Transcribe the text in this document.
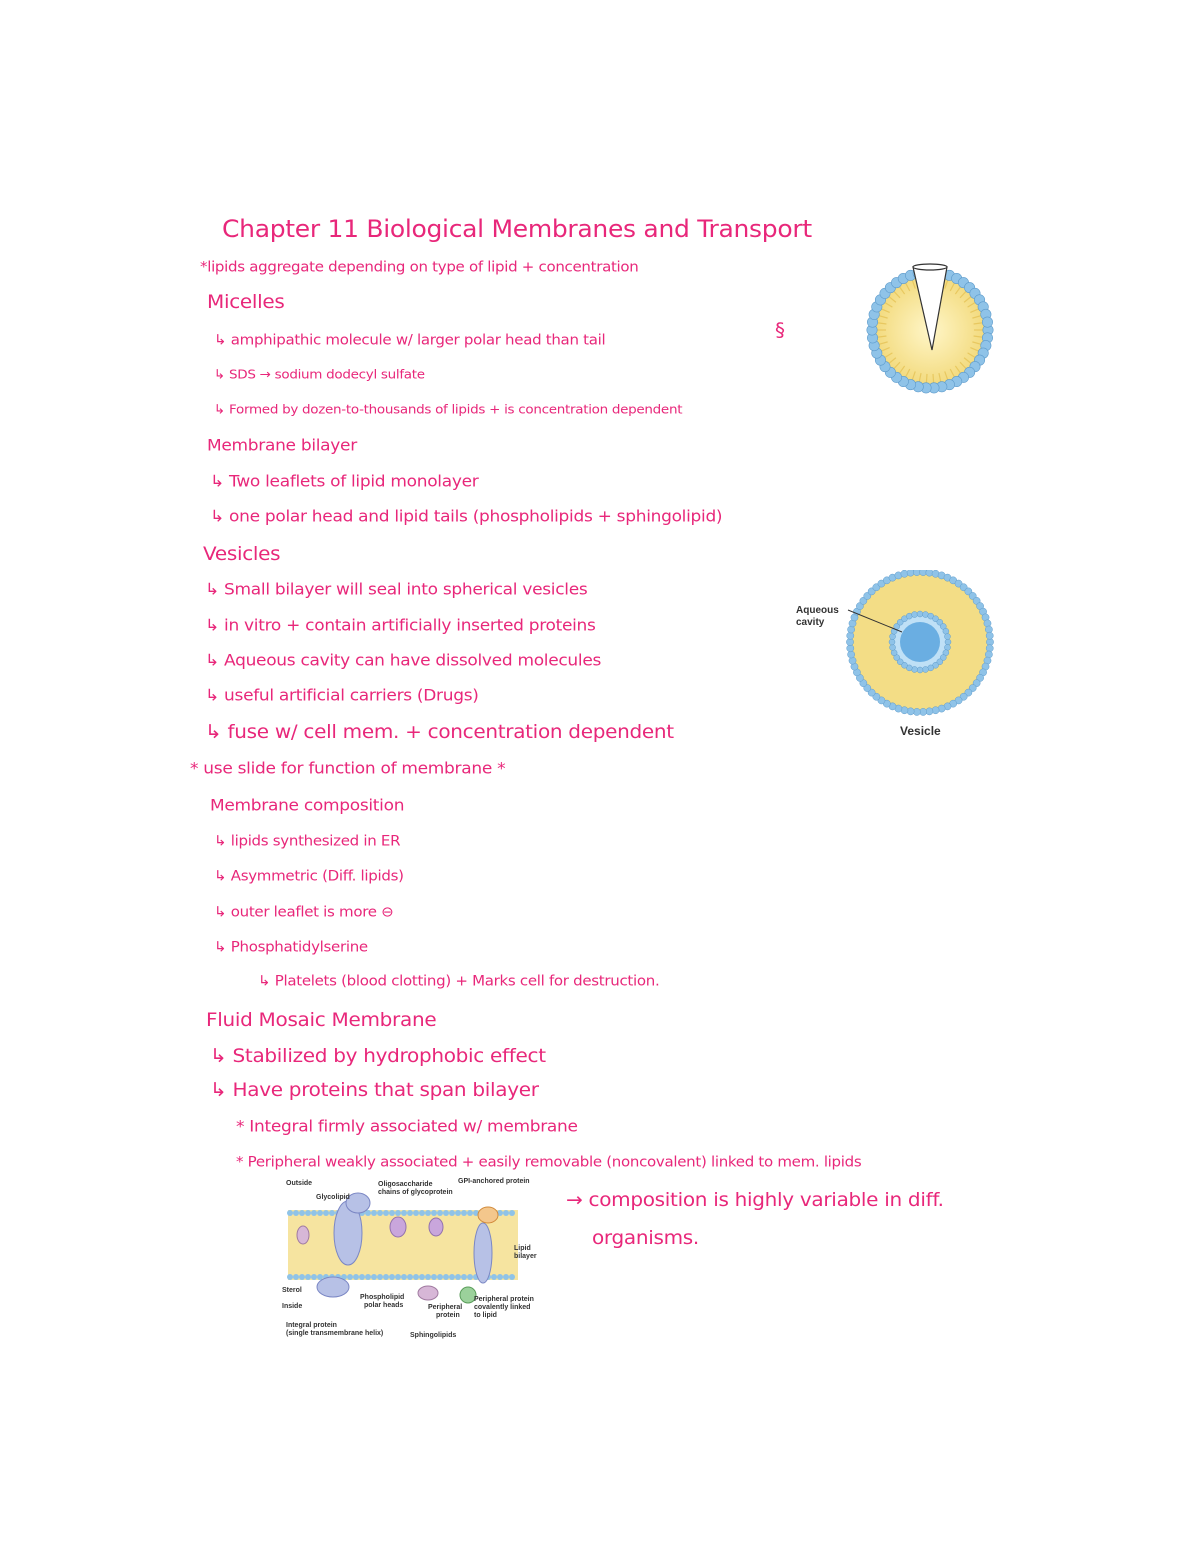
Chapter 11 Biological Membranes and Transport
*lipids aggregate depending on type of lipid + concentration
Micelles
↳ amphipathic molecule w/ larger polar head than tail	§
↳ SDS → sodium dodecyl sulfate
↳ Formed by dozen-to-thousands of lipids + is concentration dependent
Membrane bilayer
↳ Two leaflets of lipid monolayer
↳ one polar head and lipid tails (phospholipids + sphingolipid)
Vesicles
↳ Small bilayer will seal into spherical vesicles
↳ in vitro + contain artificially inserted proteins
↳ Aqueous cavity can have dissolved molecules
↳ useful artificial carriers (Drugs)
↳ fuse w/ cell mem. + concentration dependent
* use slide for function of membrane *
Membrane composition
↳ lipids synthesized in ER
↳ Asymmetric (Diff. lipids)
↳ outer leaflet is more ⊖
↳ Phosphatidylserine
↳ Platelets (blood clotting) + Marks cell for destruction.
Fluid Mosaic Membrane
↳ Stabilized by hydrophobic effect
↳ Have proteins that span bilayer
* Integral firmly associated w/ membrane
* Peripheral weakly associated + easily removable (noncovalent) linked to mem. lipids
→ composition is highly variable in diff.
organisms.
Aqueous
cavity
Vesicle
Outside
Glycolipid
Oligosaccharide
chains of glycoprotein
GPI-anchored protein
Lipid
bilayer
Sterol
Inside
Phospholipid
polar heads	Peripheral
protein
Peripheral protein
covalently linked
to lipid
Integral protein
(single transmembrane helix)	Sphingolipids
